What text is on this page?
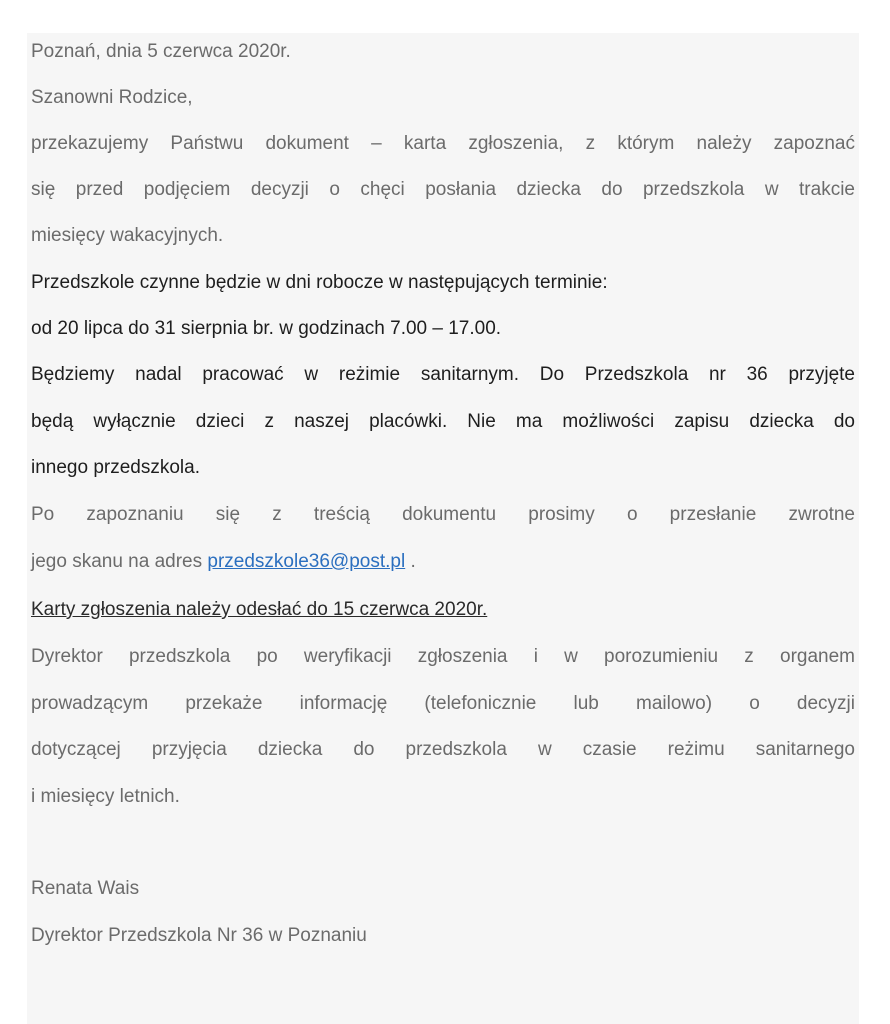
Poznań, dnia 5 czerwca 2020r.
Szanowni Rodzice,
przekazujemy Państwu dokument – karta zgłoszenia, z którym należy zapoznać
się przed podjęciem decyzji o chęci posłania dziecka do przedszkola w trakcie
miesięcy wakacyjnych.
Przedszkole czynne będzie w dni robocze w następujących terminie:
od 20 lipca do 31 sierpnia br. w godzinach 7.00 – 17.00.
Będziemy nadal pracować w reżimie sanitarnym. Do Przedszkola nr 36 przyjęte
będą wyłącznie dzieci z naszej placówki. Nie ma możliwości zapisu dziecka do
innego przedszkola.
Po zapoznaniu się z treścią dokumentu prosimy o przesłanie zwrotne
jego skanu na adres przedszkole36@post.pl .
Karty zgłoszenia należy odesłać do 15 czerwca 2020r.
Dyrektor przedszkola po weryfikacji zgłoszenia i w porozumieniu z organem
prowadzącym przekaże informację (telefonicznie lub mailowo) o decyzji
dotyczącej przyjęcia dziecka do przedszkola w czasie reżimu sanitarnego
i miesięcy letnich.
Renata Wais
Dyrektor Przedszkola Nr 36 w Poznaniu
